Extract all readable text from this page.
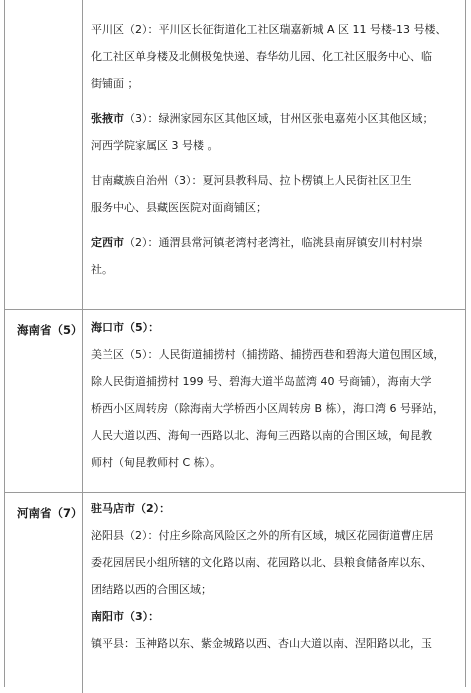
平川区（2）：平川区长征街道化工社区瑞嘉新城 A 区 11 号楼-13 号楼、

化工社区单身楼及北侧极兔快递、春华幼儿园、化工社区服务中心、临

街铺面 ；

张掖市（3）：绿洲家园东区其他区域，甘州区张电嘉苑小区其他区域；

河西学院家属区 3 号楼 。

甘南藏族自治州（3）：夏河县教科局、拉卜楞镇上人民街社区卫生

服务中心、县藏医医院对面商铺区；

定西市（2）：通渭县常河镇老湾村老湾社，临洮县南屏镇安川村村崇

社。

海南省（5） 海口市（5）：

美兰区（5）：人民街道捕捞村（捕捞路、捕捞西巷和碧海大道包围区域，

除人民街道捕捞村 199 号、碧海大道半岛蓝湾 40 号商铺），海南大学

桥西小区周转房（除海南大学桥西小区周转房 B 栋），海口湾 6 号驿站，

人民大道以西、海甸一西路以北、海甸三西路以南的合围区域，甸昆教

师村（甸昆教师村 C 栋）。

河南省（7） 驻马店市（2）：

泌阳县（2）：付庄乡除高风险区之外的所有区域，城区花园街道曹庄居

委花园居民小组所辖的文化路以南、花园路以北、县粮食储备库以东、

团结路以西的合围区域；

南阳市（3）：

镇平县：玉神路以东、紫金城路以西、杏山大道以南、涅阳路以北，玉
